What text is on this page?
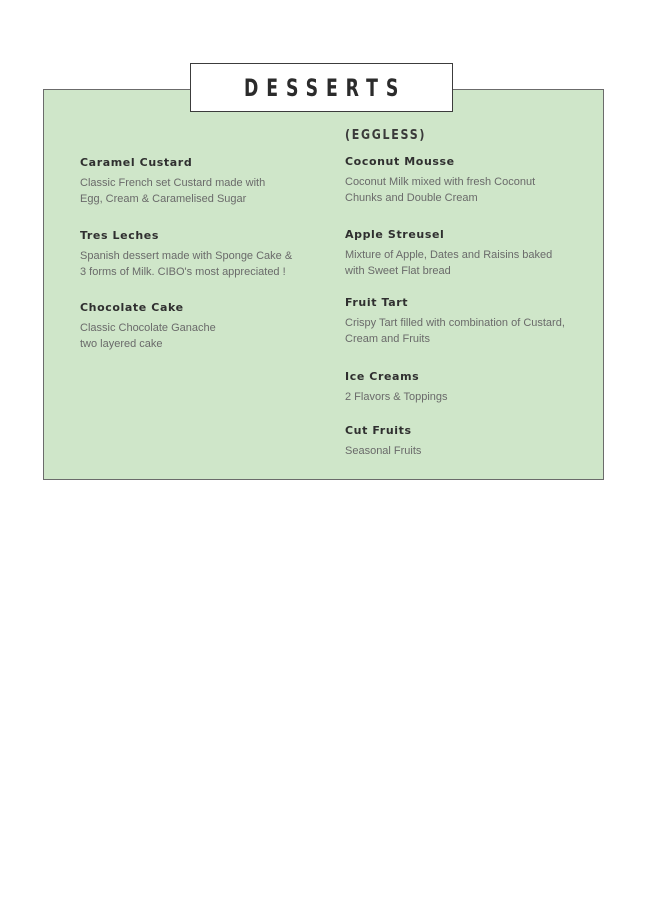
DESSERTS

Caramel Custard

Classic French set Custard made with
Egg, Cream & Caramelised Sugar

Tres Leches

Spanish dessert made with Sponge Cake &
3 forms of Milk. CIBO's most appreciated !

Chocolate Cake

Classic Chocolate Ganache
two layered cake

(EGGLESS)

Coconut Mousse

Coconut Milk mixed with fresh Coconut
Chunks and Double Cream

Apple Streusel

Mixture of Apple, Dates and Raisins baked
with Sweet Flat bread

Fruit Tart

Crispy Tart filled with combination of Custard,
Cream and Fruits

Ice Creams

2 Flavors & Toppings

Cut Fruits

Seasonal Fruits
